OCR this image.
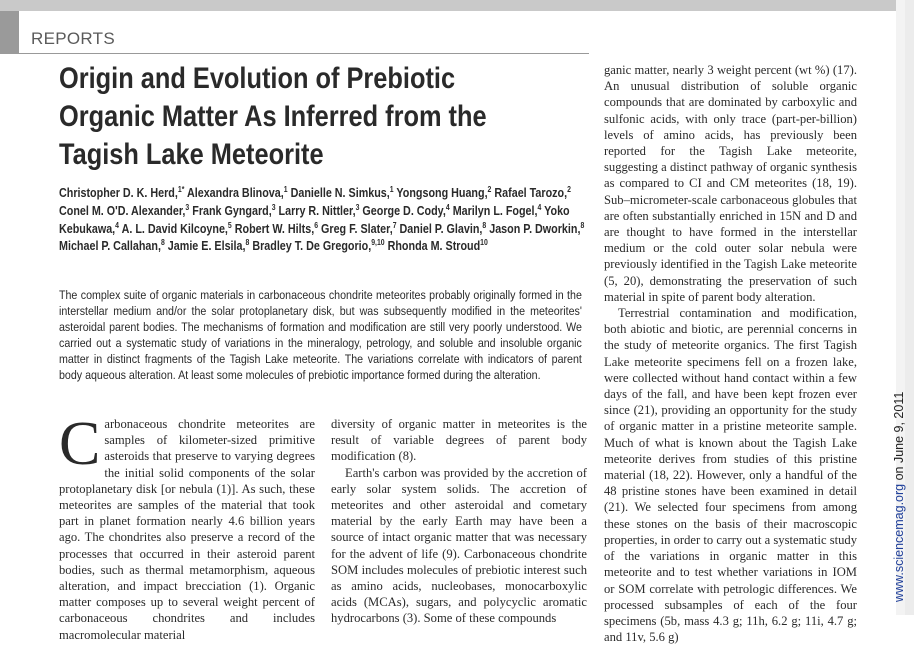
REPORTS
Origin and Evolution of Prebiotic
Organic Matter As Inferred from the
Tagish Lake Meteorite

Christopher D. K. Herd,$^{1*}$ Alexandra Blinova,$^1$ Danielle N. Simkus,$^1$ Yongsong Huang,$^2$ Rafael Tarozo,$^2$ Conel M. O'D. Alexander,$^3$ Frank Gyngard,$^3$ Larry R. Nittler,$^3$ George D. Cody,$^4$ Marilyn L. Fogel,$^4$ Yoko Kebukawa,$^4$ A. L. David Kilcoyne,$^5$ Robert W. Hilts,$^6$ Greg F. Slater,$^7$ Daniel P. Glavin,$^8$ Jason P. Dworkin,$^8$ Michael P. Callahan,$^8$ Jamie E. Elsila,$^8$ Bradley T. De Gregorio,$^{9,10}$ Rhonda M. Stroud$^{10}$

The complex suite of organic materials in carbonaceous chondrite meteorites probably originally formed in the interstellar medium and/or the solar protoplanetary disk, but was subsequently modified in the meteorites' asteroidal parent bodies. The mechanisms of formation and modification are still very poorly understood. We carried out a systematic study of variations in the mineralogy, petrology, and soluble and insoluble organic matter in distinct fragments of the Tagish Lake meteorite. The variations correlate with indicators of parent body aqueous alteration. At least some molecules of prebiotic importance formed during the alteration.

C arbonaceous chondrite meteorites are samples of kilometer-sized primitive asteroids that preserve to varying degrees the initial solid components of the solar protoplanetary disk [or nebula (1)]. As such, these meteorites are samples of the material that took part in planet formation nearly 4.6 billion years ago. The chondrites also preserve a record of the processes that occurred in their asteroid parent bodies, such as thermal metamorphism, aqueous alteration, and impact brecciation (1). Organic matter composes up to several weight percent of carbonaceous chondrites and includes macromolecular material

diversity of organic matter in meteorites is the result of variable degrees of parent body modification (8).

Earth's carbon was provided by the accretion of early solar system solids. The accretion of meteorites and other asteroidal and cometary material by the early Earth may have been a source of intact organic matter that was necessary for the advent of life (9). Carbonaceous chondrite SOM includes molecules of prebiotic interest such as amino acids, nucleobases, monocarboxylic acids (MCAs), sugars, and polycyclic aromatic hydrocarbons (3). Some of these compounds

ganic matter, nearly 3 weight percent (wt %) (17). An unusual distribution of soluble organic compounds that are dominated by carboxylic and sulfonic acids, with only trace (part-per-billion) levels of amino acids, has previously been reported for the Tagish Lake meteorite, suggesting a distinct pathway of organic synthesis as compared to CI and CM meteorites (18, 19). Sub–micrometer-scale carbonaceous globules that are often substantially enriched in 15N and D and are thought to have formed in the interstellar medium or the cold outer solar nebula were previously identified in the Tagish Lake meteorite (5, 20), demonstrating the preservation of such material in spite of parent body alteration.

Terrestrial contamination and modification, both abiotic and biotic, are perennial concerns in the study of meteorite organics. The first Tagish Lake meteorite specimens fell on a frozen lake, were collected without hand contact within a few days of the fall, and have been kept frozen ever since (21), providing an opportunity for the study of organic matter in a pristine meteorite sample. Much of what is known about the Tagish Lake meteorite derives from studies of this pristine material (18, 22). However, only a handful of the 48 pristine stones have been examined in detail (21). We selected four specimens from among these stones on the basis of their macroscopic properties, in order to carry out a systematic study of the variations in organic matter in this meteorite and to test whether variations in IOM or SOM correlate with petrologic differences. We processed subsamples of each of the four specimens (5b, mass 4.3 g; 11h, 6.2 g; 11i, 4.7 g; and 11v, 5.6 g)

www.sciencemag.org on June 9, 2011
